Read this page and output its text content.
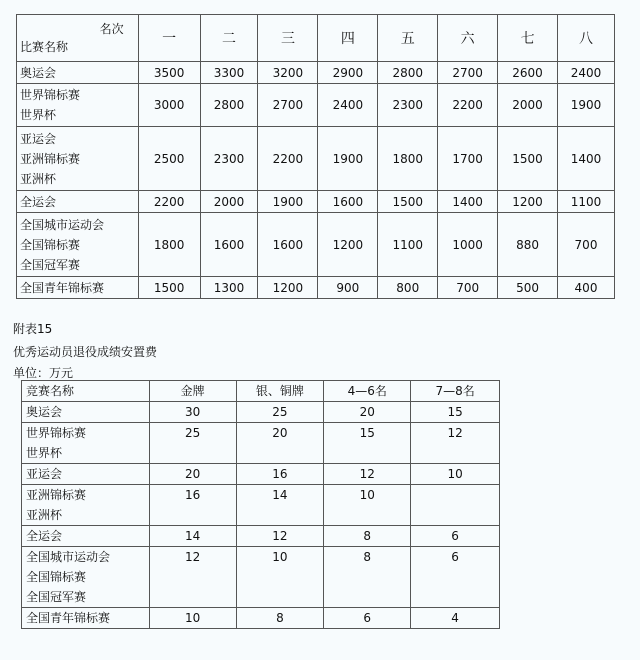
名次
比赛名称	一	二	三	四	五	六	七	八

奥运会	3500	3300	3200	2900	2800	2700	2600	2400

世界锦标赛
世界杯	3000	2800	2700	2400	2300	2200	2000	1900

亚运会
亚洲锦标赛
亚洲杯	2500	2300	2200	1900	1800	1700	1500	1400

全运会	2200	2000	1900	1600	1500	1400	1200	1100

全国城市运动会
全国锦标赛
全国冠军赛	1800	1600	1600	1200	1100	1000	880	700

全国青年锦标赛	1500	1300	1200	900	800	700	500	400
附表15
优秀运动员退役成绩安置费
单位：万元
竞赛名称	金牌	银、铜牌	4—6名	7—8名

奥运会	30	25	20	15

世界锦标赛
世界杯	25	20	15	12

亚运会	20	16	12	10

亚洲锦标赛
亚洲杯	16	14	10	

全运会	14	12	8	6

全国城市运动会
全国锦标赛
全国冠军赛	12	10	8	6

全国青年锦标赛	10	8	6	4
